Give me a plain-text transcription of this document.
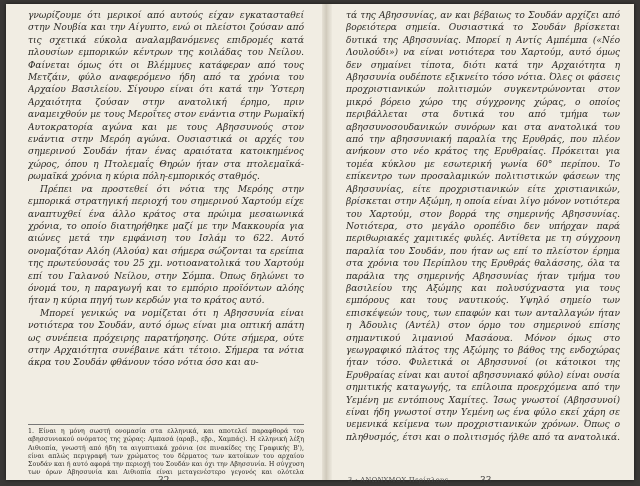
γνωρίζουμε ότι μερικοί από αυτούς είχαν εγκατασταθεί στην Νουβία και την Αίγυπτο, ενώ οι πλείστοι ζούσαν από τις σχετικά εύκολα αναλαμβανόμενες επιδρομές κατά πλουσίων εμπορικών κέντρων της κοιλάδας του Νείλου. Φαίνεται όμως ότι οι Βλέμμυες κατάφεραν από τους Μετζάιν, φύλο αναφερόμενο ήδη από τα χρόνια του Αρχαίου Βασιλείου. Σίγουρο είναι ότι κατά την Ύστερη Αρχαιότητα ζούσαν στην ανατολική έρημο, πριν αναμειχθούν με τους Μεροΐτες στον ενάντια στην Ρωμαϊκή Αυτοκρατορία αγώνα και με τους Αβησσυνούς στον ενάντια στην Μερόη αγώνα. Ουσιαστικά οι αρχές του σημερινού Σουδάν ήταν ένας αραιότατα κατοικημένος χώρος, όπου η Πτολεμαΐς Θηρών ήταν στα πτολεμαϊκά-ρωμαϊκά χρόνια η κύρια πόλη-εμπορικός σταθμός.

Πρέπει να προστεθεί ότι νότια της Μερόης στην εμπορικά στρατηγική περιοχή του σημερινού Χαρτούμ είχε αναπτυχθεί ένα άλλο κράτος στα πρώιμα μεσαιωνικά χρόνια, το οποίο διατηρήθηκε μαζί με την Μακκουρία για αιώνες μετά την εμφάνιση του Ισλάμ το 622. Αυτό ονομαζόταν Αλόη (Αλούα) και σήμερα σώζονται τα ερείπια της πρωτεύουσάς του 25 χμ. νοτιοανατολικά του Χαρτούμ επί του Γαλανού Νείλου, στην Σόμπα. Όπως δηλώνει το όνομά του, η παραγωγή και το εμπόριο προϊόντων αλόης ήταν η κύρια πηγή των κερδών για το κράτος αυτό.

Μπορεί γενικώς να νομίζεται ότι η Αβησσυνία είναι νοτιότερα του Σουδάν, αυτό όμως είναι μια οπτική απάτη ως συνέπεια πρόχειρης παρατήρησης. Ούτε σήμερα, ούτε στην Αρχαιότητα συνέβαινε κάτι τέτοιο. Σήμερα τα νότια άκρα του Σουδάν φθάνουν τόσο νότια όσο και αυ-

1. Είναι η μόνη σωστή ονομασία στα ελληνικά, και αποτελεί παραφθορά του αβησσυνιακού ονόματος της χώρας: Αμπασά (αραβ., εβρ., Χαμπάς). Η ελληνική λέξη Αιθιοπία, γνωστή από ήδη τα αιγυπτιακά χρόνια (σε πινακίδες της Γραφικής Β'), είναι απλώς περιγραφή των χρώματος του δέρματος των κατοίκων του αρχαίου Σουδάν και ή αυτό αφορά την περιοχή του Σουδάν και όχι την Αβησσυνία. Η σύγχυση των όρων Αβησσυνία και Αιθιοπία είναι μεταγενέστερο γεγονός και ολότελα
32

τά της Αβησσυνίας, αν και βέβαιως το Σουδάν αρχίζει από βορειότερα σημεία. Ουσιαστικά το Σουδάν βρίσκεται δυτικά της Αβησσυνίας. Μπορεί η Αντίς Αμπέμπα («Νέο Λουλούδι») να είναι νοτιότερα του Χαρτούμ, αυτό όμως δεν σημαίνει τίποτα, διότι κατά την Αρχαιότητα η Αβησσυνία ουδέποτε εξικνείτο τόσο νότια. Όλες οι φάσεις προχριστιανικών πολιτισμών συγκεντρώνονται στον μικρό βόρειο χώρο της σύγχρονης χώρας, ο οποίος περιβάλλεται στα δυτικά του από τμήμα των αβησσυνοσουδανικών συνόρων και στα ανατολικά του από την αβησσυνιακή παραλία της Ερυθράς, που πλέον ανήκουν στο νέο κράτος της Ερυθραίας. Πρόκειται για τομέα κύκλου με εσωτερική γωνία 60° περίπου. Το επίκεντρο των προσαλαμικών πολιτιστικών φάσεων της Αβησσυνίας, είτε προχριστιανικών είτε χριστιανικών, βρίσκεται στην Αξώμη, η οποία είναι λίγο μόνον νοτιότερα του Χαρτούμ, στον βορρά της σημερινής Αβησσυνίας. Νοτιότερα, στο μεγάλο οροπέδιο δεν υπήρχαν παρά περιθωριακές χαμιτικές φυλές. Αντίθετα με τη σύγχρονη παραλία του Σουδάν, που ήταν ως επί το πλείστον έρημα στα χρόνια του Περίπλου της Ερυθράς θαλάσσης, όλα τα παράλια της σημερινής Αβησσυνίας ήταν τμήμα του βασιλείου της Αξώμης και πολυσύχναστα για τους εμπόρους και τους ναυτικούς. Υψηλό σημείο των επισκέψεών τους, των επαφών και των ανταλλαγών ήταν η Άδουλις (Αντέλ) στον όρμο του σημερινού επίσης σημαντικού λιμανιού Μασάουα. Μόνον όμως στο γεωγραφικό πλάτος της Αξώμης το βάθος της ενδοχώρας ήταν τόσο. Φυλετικά οι Αβησσυνοί (οι κάτοικοι της Ερυθραίας είναι και αυτοί αβησσυνιακό φύλο) είναι ουσία σημιτικής καταγωγής, τα επίλοιπα προερχόμενα από την Υεμένη με εντόπιους Χαμίτες. Ίσως γνωστοί (Αβησσυνοί) είναι ήδη γνωστοί στην Υεμένη ως ένα φύλο εκεί χάρη σε υεμενικά κείμενα των προχριστιανικών χρόνων. Όπως ο πληθυσμός, έτσι και ο πολιτισμός ήλθε από τα ανατολικά.

3 · ΑΝΩΝΥΜΟΥ Περίπλους	33
